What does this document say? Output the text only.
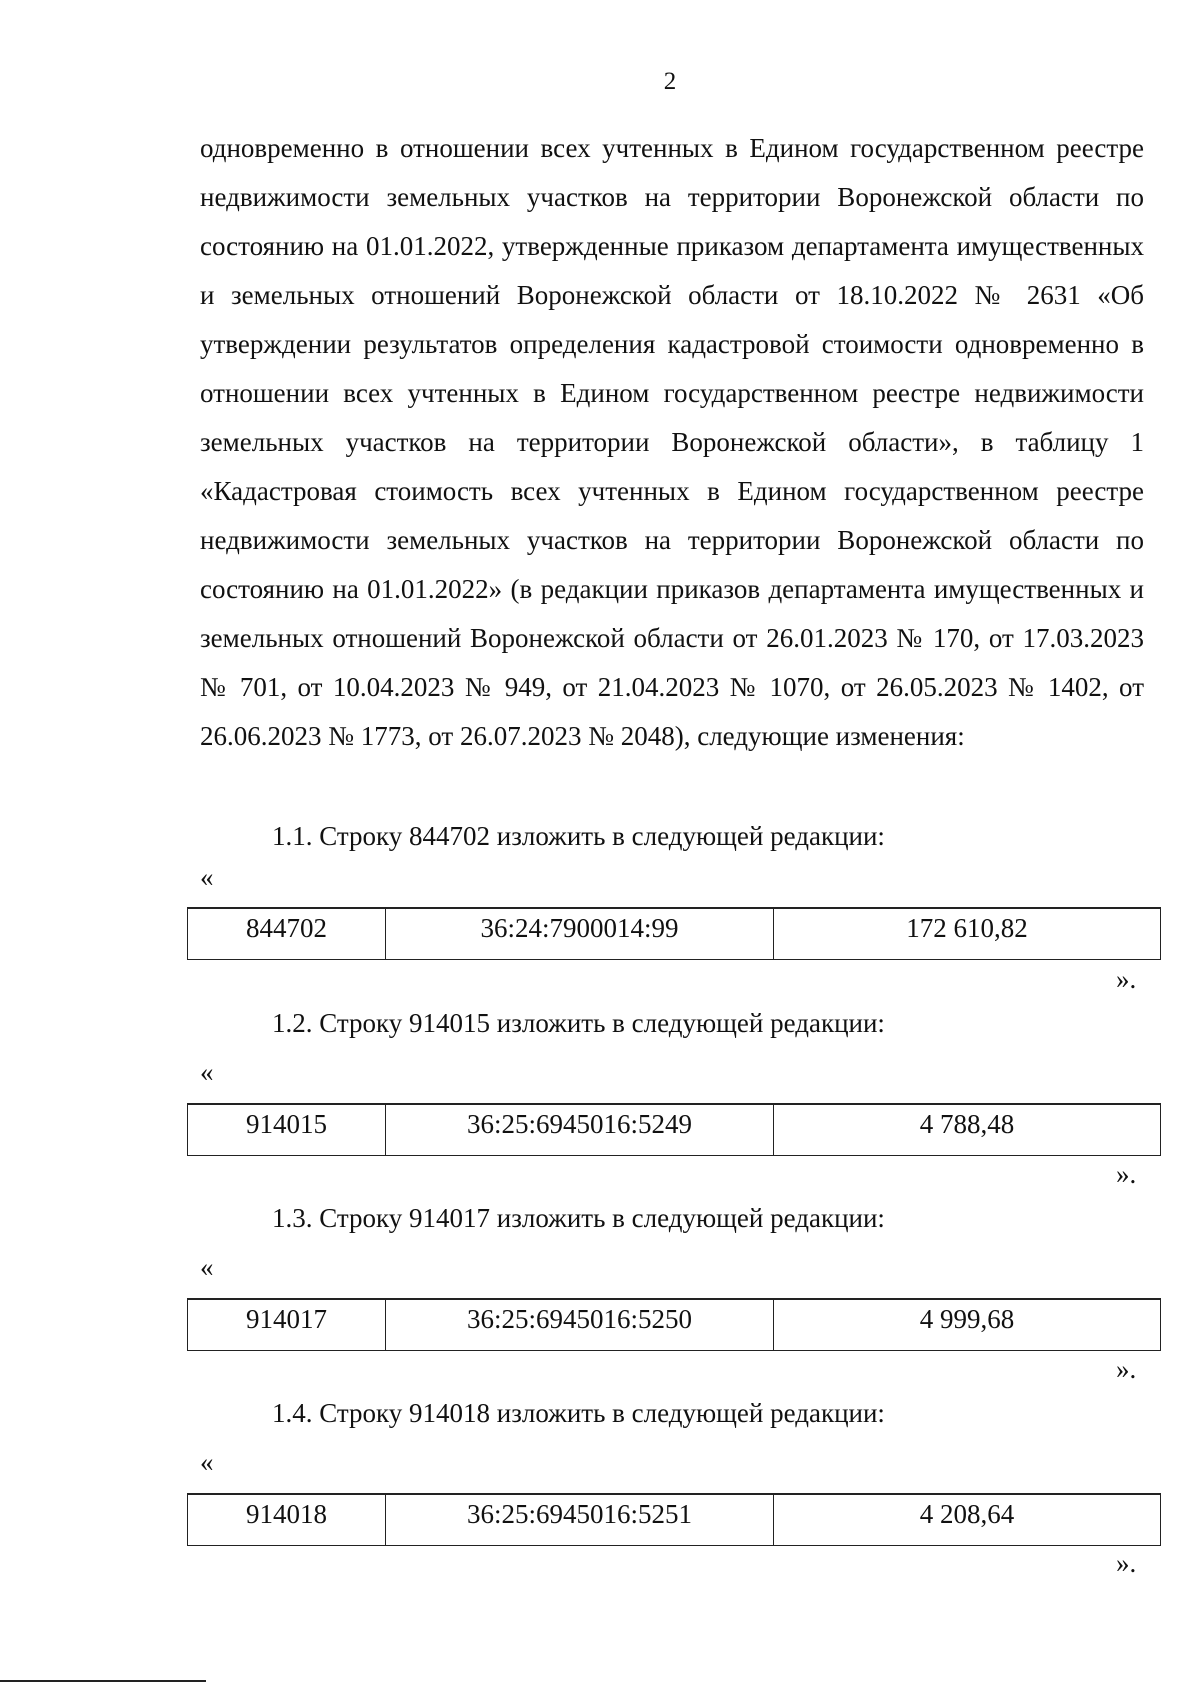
2

одновременно в отношении всех учтенных в Едином государственном реестре недвижимости земельных участков на территории Воронежской области по состоянию на 01.01.2022, утвержденные приказом департамента имущественных и земельных отношений Воронежской области от 18.10.2022 № 2631 «Об утверждении результатов определения кадастровой стоимости одновременно в отношении всех учтенных в Едином государственном реестре недвижимости земельных участков на территории Воронежской области», в таблицу 1 «Кадастровая стоимость всех учтенных в Едином государственном реестре недвижимости земельных участков на территории Воронежской области по состоянию на 01.01.2022» (в редакции приказов департамента имущественных и земельных отношений Воронежской области от 26.01.2023 № 170, от 17.03.2023 № 701, от 10.04.2023 № 949, от 21.04.2023 № 1070, от 26.05.2023 № 1402, от 26.06.2023 № 1773, от 26.07.2023 № 2048), следующие изменения:

1.1. Строку 844702 изложить в следующей редакции:
«
844702	36:24:7900014:99	172 610,82
».
1.2. Строку 914015 изложить в следующей редакции:
«
914015	36:25:6945016:5249	4 788,48
».
1.3. Строку 914017 изложить в следующей редакции:
«
914017	36:25:6945016:5250	4 999,68
».
1.4. Строку 914018 изложить в следующей редакции:
«
914018	36:25:6945016:5251	4 208,64
».
